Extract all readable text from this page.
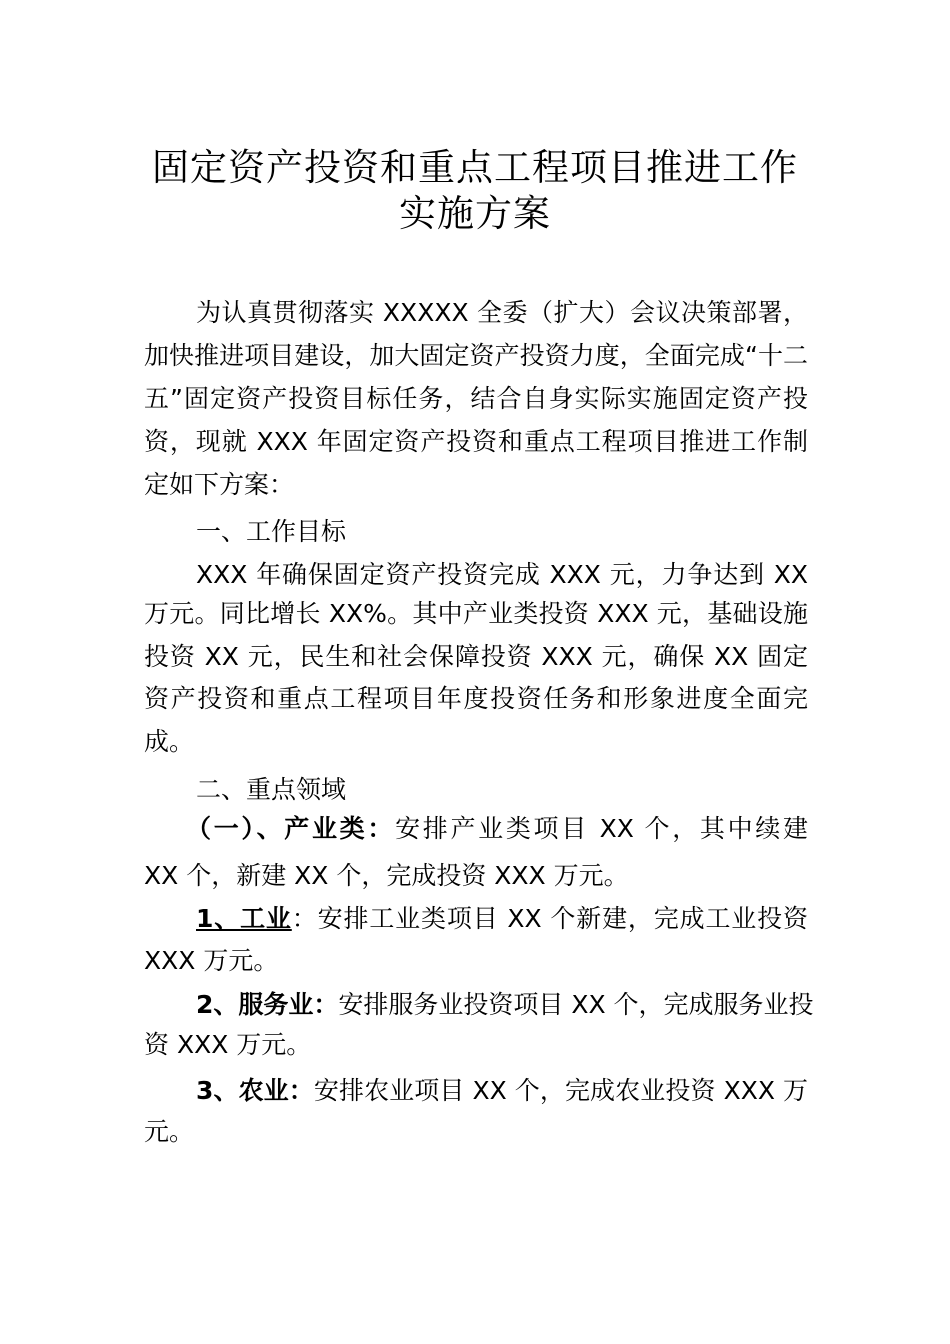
固定资产投资和重点工程项目推进工作
实施方案
为认真贯彻落实 XXXXX 全委（扩大）会议决策部署，
加快推进项目建设，加大固定资产投资力度，全面完成“十二
五”固定资产投资目标任务，结合自身实际实施固定资产投
资，现就 XXX 年固定资产投资和重点工程项目推进工作制
定如下方案：
一、工作目标
XXX 年确保固定资产投资完成 XXX 元，力争达到 XX
万元。同比增长 XX%。其中产业类投资 XXX 元，基础设施
投资 XX 元，民生和社会保障投资 XXX 元，确保 XX 固定
资产投资和重点工程项目年度投资任务和形象进度全面完
成。
二、重点领域
（一）、产业类：安排产业类项目 XX 个，其中续建
XX 个，新建 XX 个，完成投资 XXX 万元。
1、工业：安排工业类项目 XX 个新建，完成工业投资
XXX 万元。
2、服务业：安排服务业投资项目 XX 个，完成服务业投
资 XXX 万元。
3、农业：安排农业项目 XX 个，完成农业投资 XXX 万
元。
